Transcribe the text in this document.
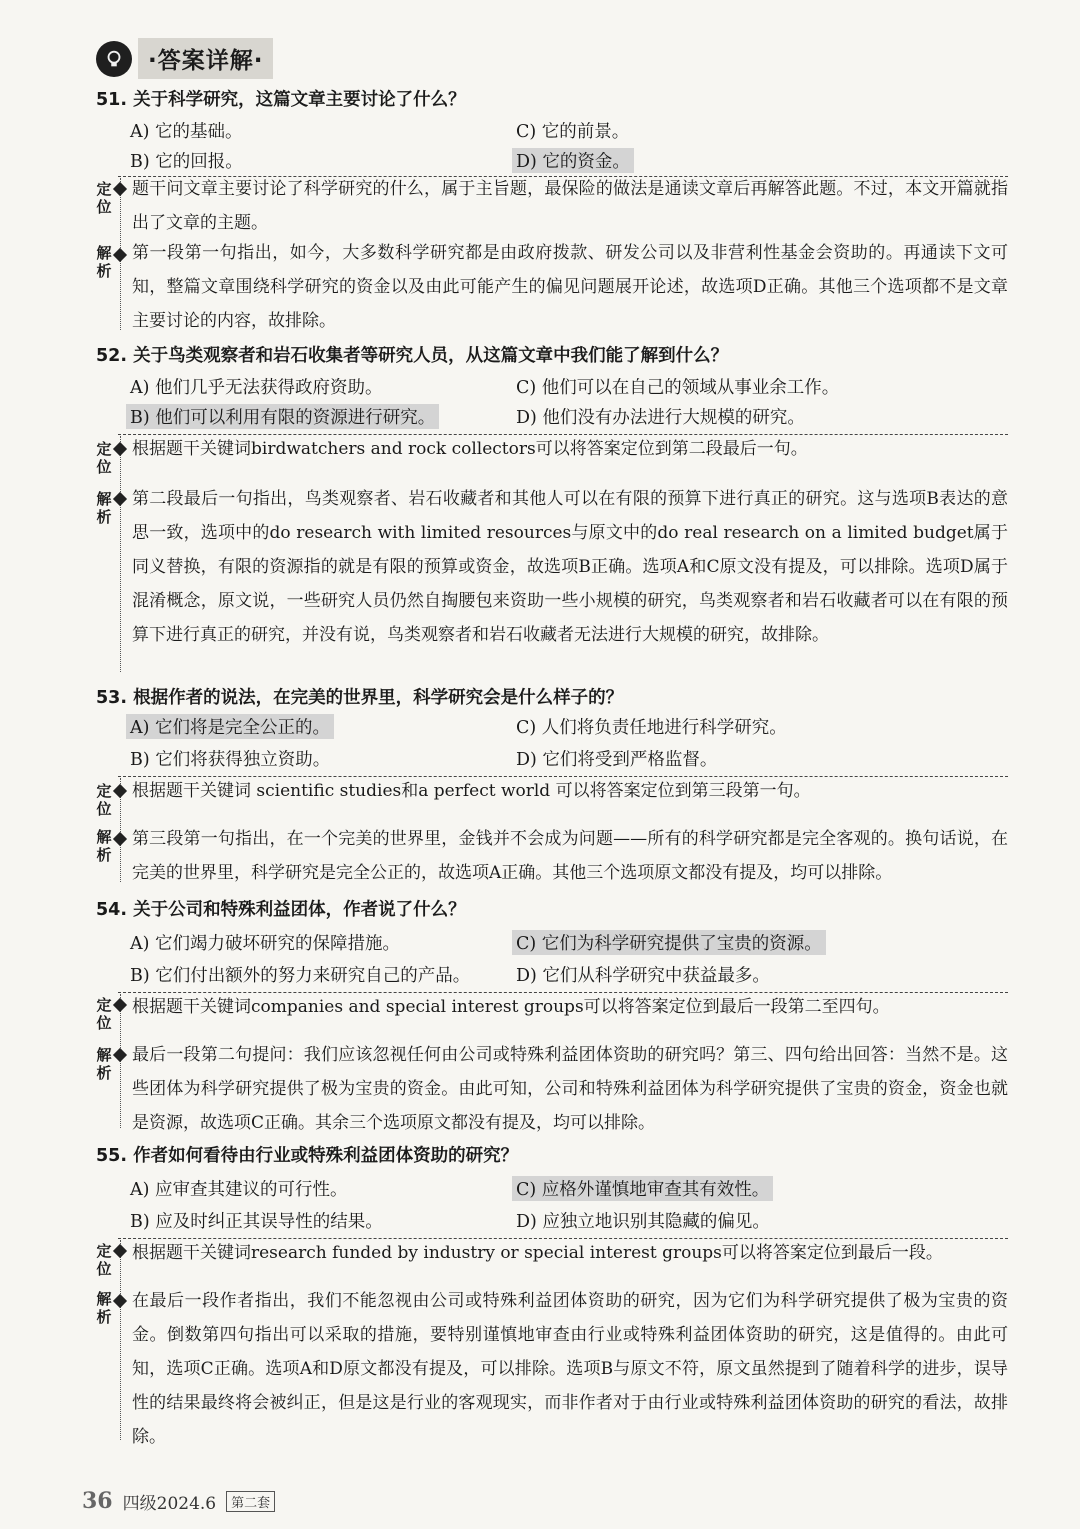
·答案详解·
51. 关于科学研究，这篇文章主要讨论了什么？
A) 它的基础。	C) 它的前景。
B) 它的回报。	D) 它的资金。
定位
题干问文章主要讨论了科学研究的什么，属于主旨题，最保险的做法是通读文章后再解答此题。不过，本文开篇就指出了文章的主题。
解析
第一段第一句指出，如今，大多数科学研究都是由政府拨款、研发公司以及非营利性基金会资助的。再通读下文可知，整篇文章围绕科学研究的资金以及由此可能产生的偏见问题展开论述，故选项D正确。其他三个选项都不是文章主要讨论的内容，故排除。
52. 关于鸟类观察者和岩石收集者等研究人员，从这篇文章中我们能了解到什么？
A) 他们几乎无法获得政府资助。	C) 他们可以在自己的领域从事业余工作。
B) 他们可以利用有限的资源进行研究。	D) 他们没有办法进行大规模的研究。
定位
根据题干关键词birdwatchers and rock collectors可以将答案定位到第二段最后一句。
解析
第二段最后一句指出，鸟类观察者、岩石收藏者和其他人可以在有限的预算下进行真正的研究。这与选项B表达的意思一致，选项中的do research with limited resources与原文中的do real research on a limited budget属于同义替换，有限的资源指的就是有限的预算或资金，故选项B正确。选项A和C原文没有提及，可以排除。选项D属于混淆概念，原文说，一些研究人员仍然自掏腰包来资助一些小规模的研究，鸟类观察者和岩石收藏者可以在有限的预算下进行真正的研究，并没有说，鸟类观察者和岩石收藏者无法进行大规模的研究，故排除。
53. 根据作者的说法，在完美的世界里，科学研究会是什么样子的？
A) 它们将是完全公正的。	C) 人们将负责任地进行科学研究。
B) 它们将获得独立资助。	D) 它们将受到严格监督。
定位
根据题干关键词 scientific studies和a perfect world 可以将答案定位到第三段第一句。
解析
第三段第一句指出，在一个完美的世界里，金钱并不会成为问题——所有的科学研究都是完全客观的。换句话说，在完美的世界里，科学研究是完全公正的，故选项A正确。其他三个选项原文都没有提及，均可以排除。
54. 关于公司和特殊利益团体，作者说了什么？
A) 它们竭力破坏研究的保障措施。	C) 它们为科学研究提供了宝贵的资源。
B) 它们付出额外的努力来研究自己的产品。	D) 它们从科学研究中获益最多。
定位
根据题干关键词companies and special interest groups可以将答案定位到最后一段第二至四句。
解析
最后一段第二句提问：我们应该忽视任何由公司或特殊利益团体资助的研究吗？第三、四句给出回答：当然不是。这些团体为科学研究提供了极为宝贵的资金。由此可知，公司和特殊利益团体为科学研究提供了宝贵的资金，资金也就是资源，故选项C正确。其余三个选项原文都没有提及，均可以排除。
55. 作者如何看待由行业或特殊利益团体资助的研究？
A) 应审查其建议的可行性。	C) 应格外谨慎地审查其有效性。
B) 应及时纠正其误导性的结果。	D) 应独立地识别其隐藏的偏见。
定位
根据题干关键词research funded by industry or special interest groups可以将答案定位到最后一段。
解析
在最后一段作者指出，我们不能忽视由公司或特殊利益团体资助的研究，因为它们为科学研究提供了极为宝贵的资金。倒数第四句指出可以采取的措施，要特别谨慎地审查由行业或特殊利益团体资助的研究，这是值得的。由此可知，选项C正确。选项A和D原文都没有提及，可以排除。选项B与原文不符，原文虽然提到了随着科学的进步，误导性的结果最终将会被纠正，但是这是行业的客观现实，而非作者对于由行业或特殊利益团体资助的研究的看法，故排除。
36 四级2024.6	第二套
